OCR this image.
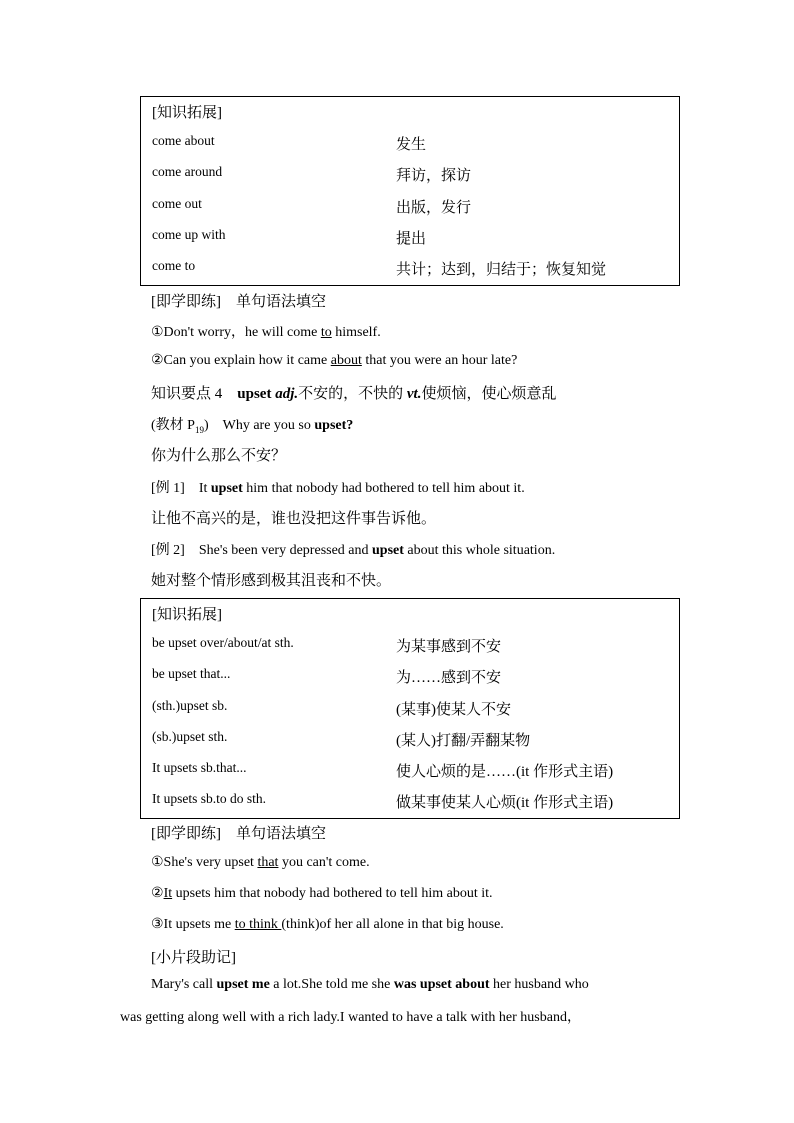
[知识拓展]
come about	发生
come around	拜访，探访
come out	出版，发行
come up with	提出
come to	共计；达到，归结于；恢复知觉
[即学即练]　单句语法填空
①Don't worry，he will come to himself.
②Can you explain how it came about that you were an hour late?
知识要点 4　upset adj.不安的，不快的 vt.使烦恼，使心烦意乱
(教材 $P_{19}$)　Why are you so upset?
你为什么那么不安？
[例 1]　It upset him that nobody had bothered to tell him about it.
让他不高兴的是，谁也没把这件事告诉他。
[例 2]　She's been very depressed and upset about this whole situation.
她对整个情形感到极其沮丧和不快。
[知识拓展]
be upset over/about/at sth.	为某事感到不安
be upset that...	为……感到不安
(sth.)upset sb.	(某事)使某人不安
(sb.)upset sth.	(某人)打翻/弄翻某物
It upsets sb.that...	使人心烦的是……(it 作形式主语)
It upsets sb.to do sth.	做某事使某人心烦(it 作形式主语)
[即学即练]　单句语法填空
①She's very upset that you can't come.
②It upsets him that nobody had bothered to tell him about it.
③It upsets me to think (think)of her all alone in that big house.
[小片段助记]
Mary's call upset me a lot.She told me she was upset about her husband who
was getting along well with a rich lady.I wanted to have a talk with her husband，
